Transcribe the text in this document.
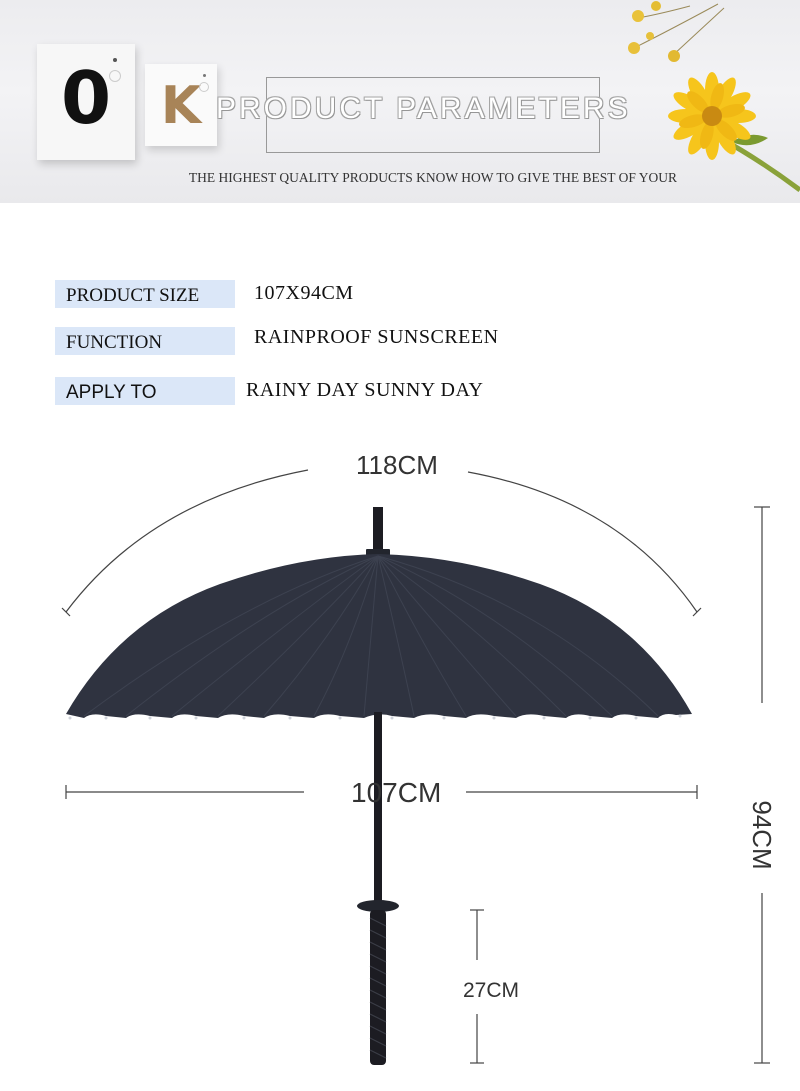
0 K PRODUCT PARAMETERS
THE HIGHEST QUALITY PRODUCTS KNOW HOW TO GIVE THE BEST OF YOUR
PRODUCT SIZE	107X94CM
FUNCTION	RAINPROOF SUNSCREEN
APPLY TO	RAINY DAY SUNNY DAY
118CM
107CM
94CM
27CM
